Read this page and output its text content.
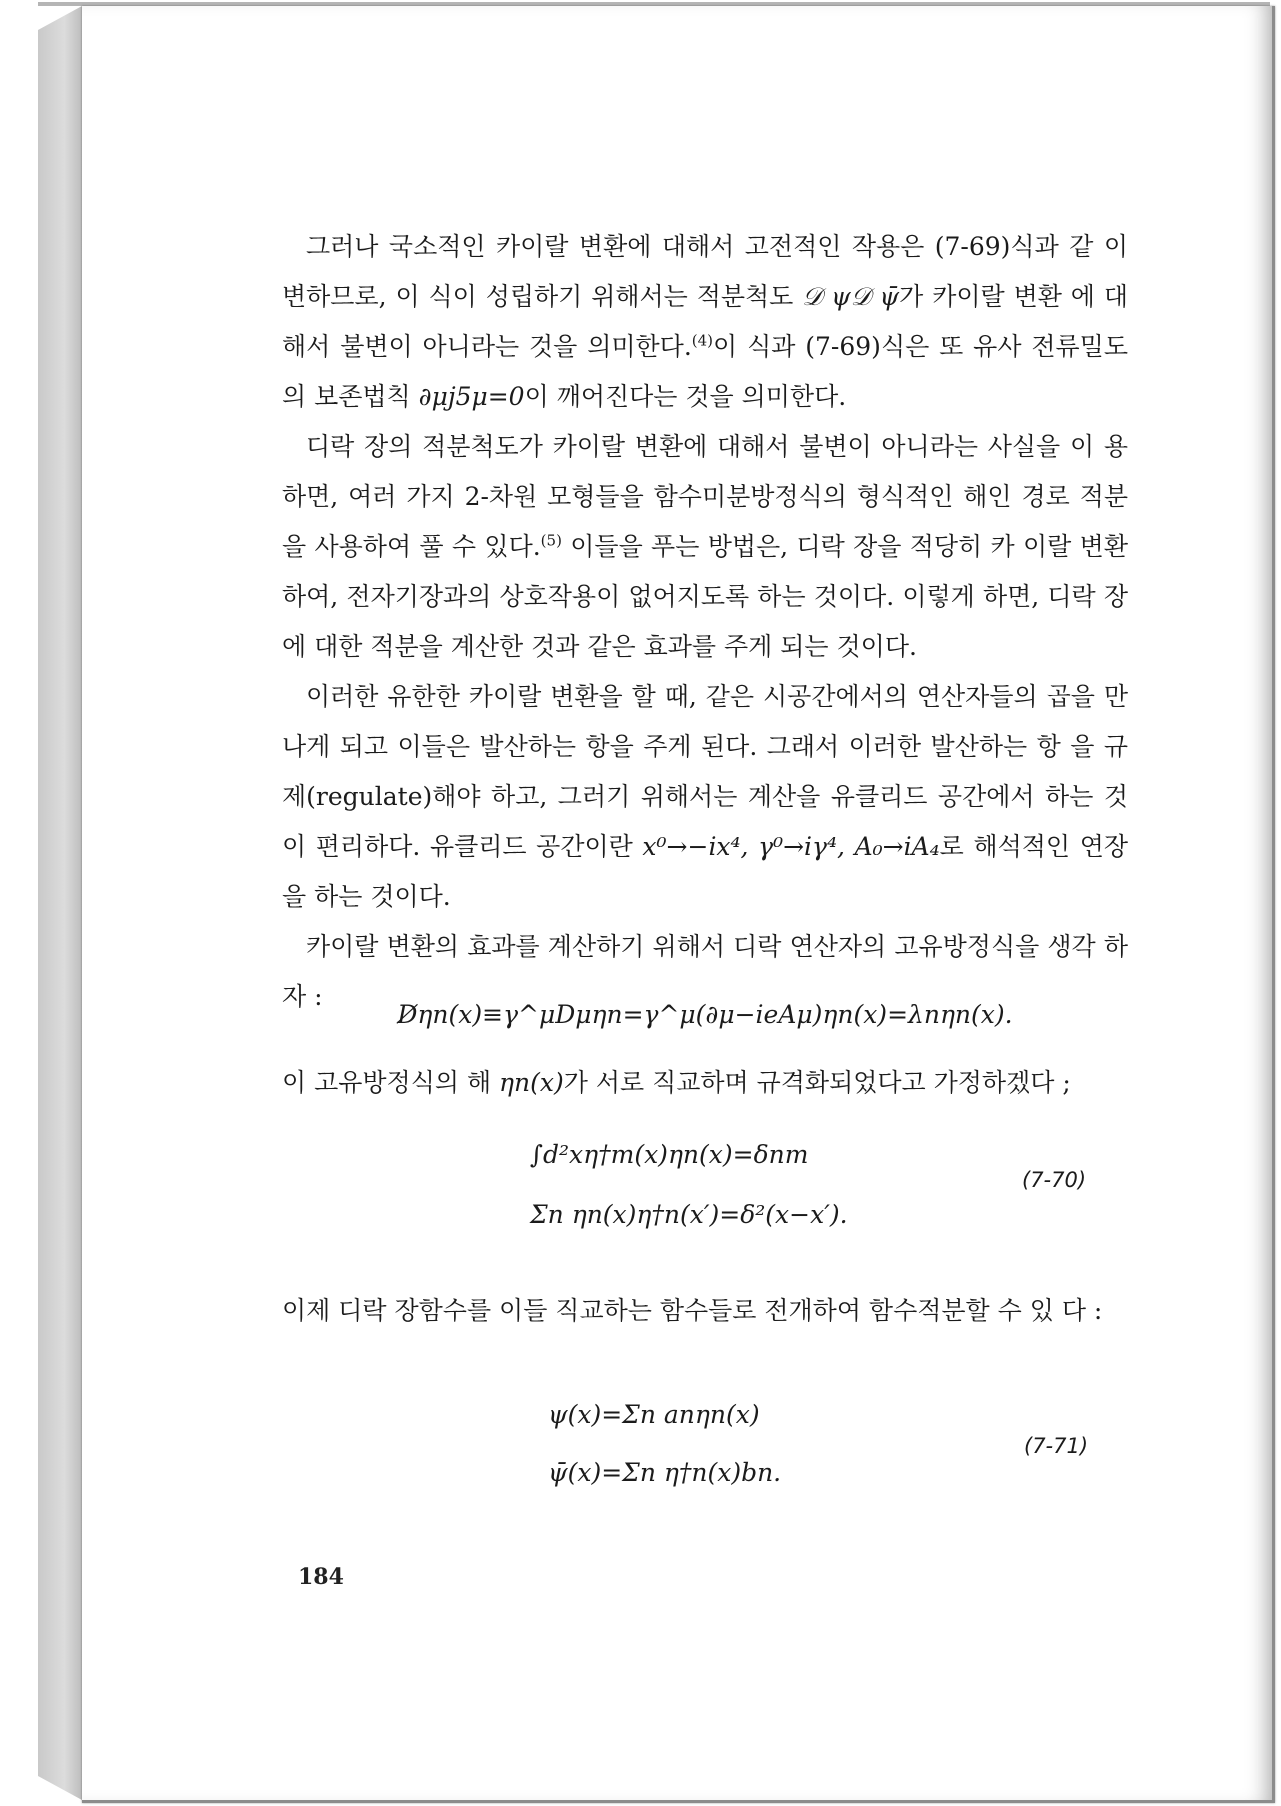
그러나 국소적인 카이랄 변환에 대해서 고전적인 작용은 (7-69)식과 같 이 변하므로, 이 식이 성립하기 위해서는 적분척도 𝒟 ψ𝒟 ψ̄가 카이랄 변환 에 대해서 불변이 아니라는 것을 의미한다.$^{(4)}$이 식과 (7-69)식은 또 유사 전류밀도의 보존법칙 ∂μj5μ=0이 깨어진다는 것을 의미한다.

디락 장의 적분척도가 카이랄 변환에 대해서 불변이 아니라는 사실을 이 용하면, 여러 가지 2-차원 모형들을 함수미분방정식의 형식적인 해인 경로 적분을 사용하여 풀 수 있다.$^{(5)}$ 이들을 푸는 방법은, 디락 장을 적당히 카 이랄 변환하여, 전자기장과의 상호작용이 없어지도록 하는 것이다. 이렇게 하면, 디락 장에 대한 적분을 계산한 것과 같은 효과를 주게 되는 것이다.

이러한 유한한 카이랄 변환을 할 때, 같은 시공간에서의 연산자들의 곱을 만나게 되고 이들은 발산하는 항을 주게 된다. 그래서 이러한 발산하는 항 을 규제(regulate)해야 하고, 그러기 위해서는 계산을 유클리드 공간에서 하는 것이 편리하다. 유클리드 공간이란 x⁰→−ix⁴, γ⁰→iγ⁴, A₀→iA₄로 해석적인 연장을 하는 것이다.

카이랄 변환의 효과를 계산하기 위해서 디락 연산자의 고유방정식을 생각 하자 :

D̸ηn(x)≡γ^μDμηn=γ^μ(∂μ−ieAμ)ηn(x)=λnηn(x).

이 고유방정식의 해 ηn(x)가 서로 직교하며 규격화되었다고 가정하겠다 ;

∫d²xη†m(x)ηn(x)=δnm
Σn ηn(x)η†n(x′)=δ²(x−x′).
(7-70)

이제 디락 장함수를 이들 직교하는 함수들로 전개하여 함수적분할 수 있 다 :

ψ(x)=Σn anηn(x)
ψ̄(x)=Σn η†n(x)bn.
(7-71)
184
